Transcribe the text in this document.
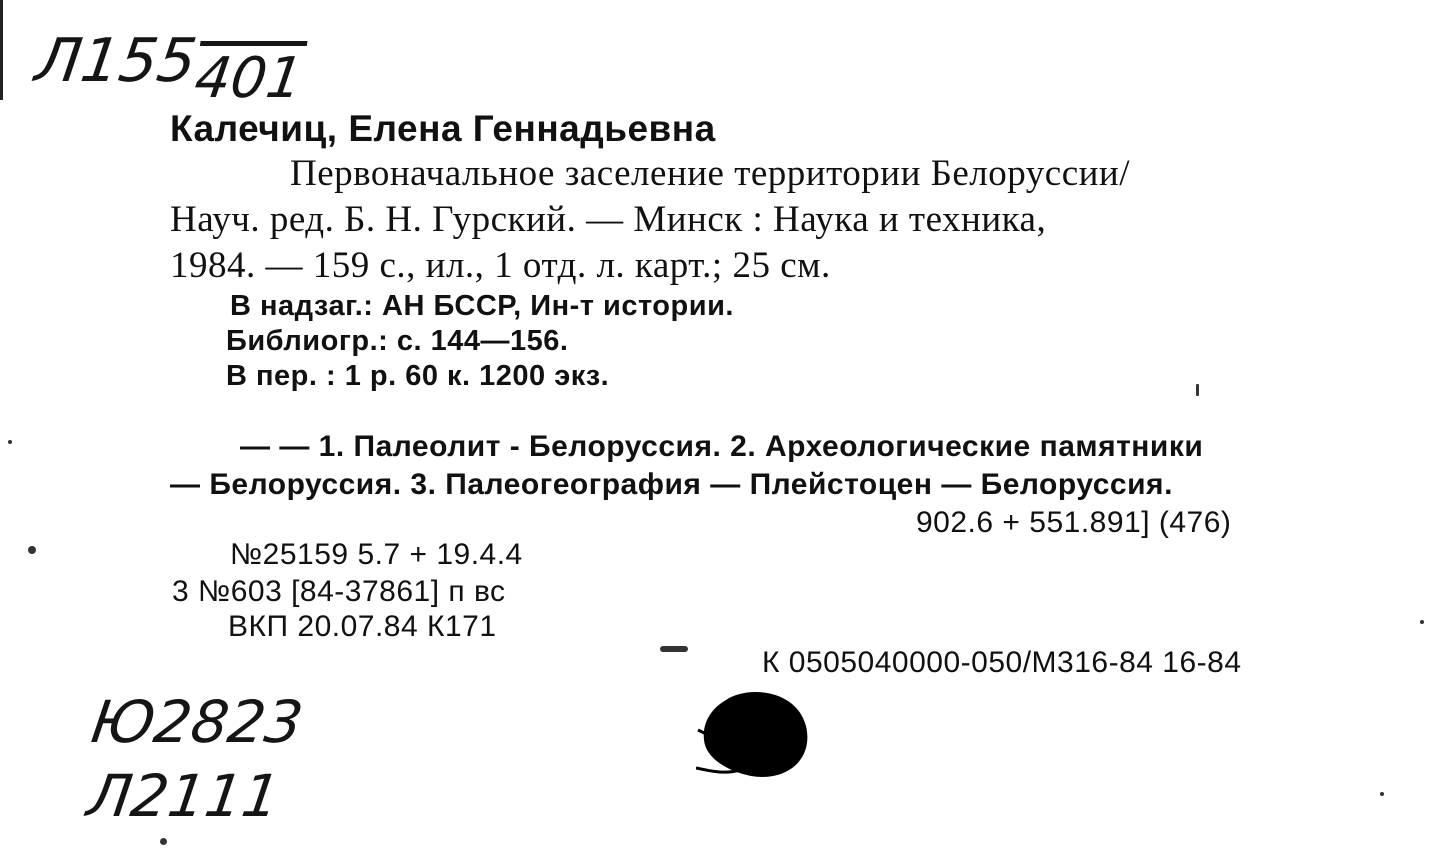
Л155401
Калечиц, Елена Геннадьевна
Первоначальное заселение территории Белоруссии/
Науч. ред. Б. Н. Гурский. — Минск : Наука и техника,
1984. — 159 с., ил., 1 отд. л. карт.; 25 см.
В надзаг.: АН БССР, Ин-т истории.
Библиогр.: с. 144—156.
В пер. : 1 р. 60 к. 1200 экз.
— — 1. Палеолит - Белоруссия. 2. Археологические памятники
— Белоруссия. 3. Палеогеография — Плейстоцен — Белоруссия.
902.6 + 551.891] (476)
№25159 5.7 + 19.4.4
3 №603 [84-37861] п вс
ВКП 20.07.84 К171
К 0505040000-050/М316-84 16-84
Ю2823
Л2111
